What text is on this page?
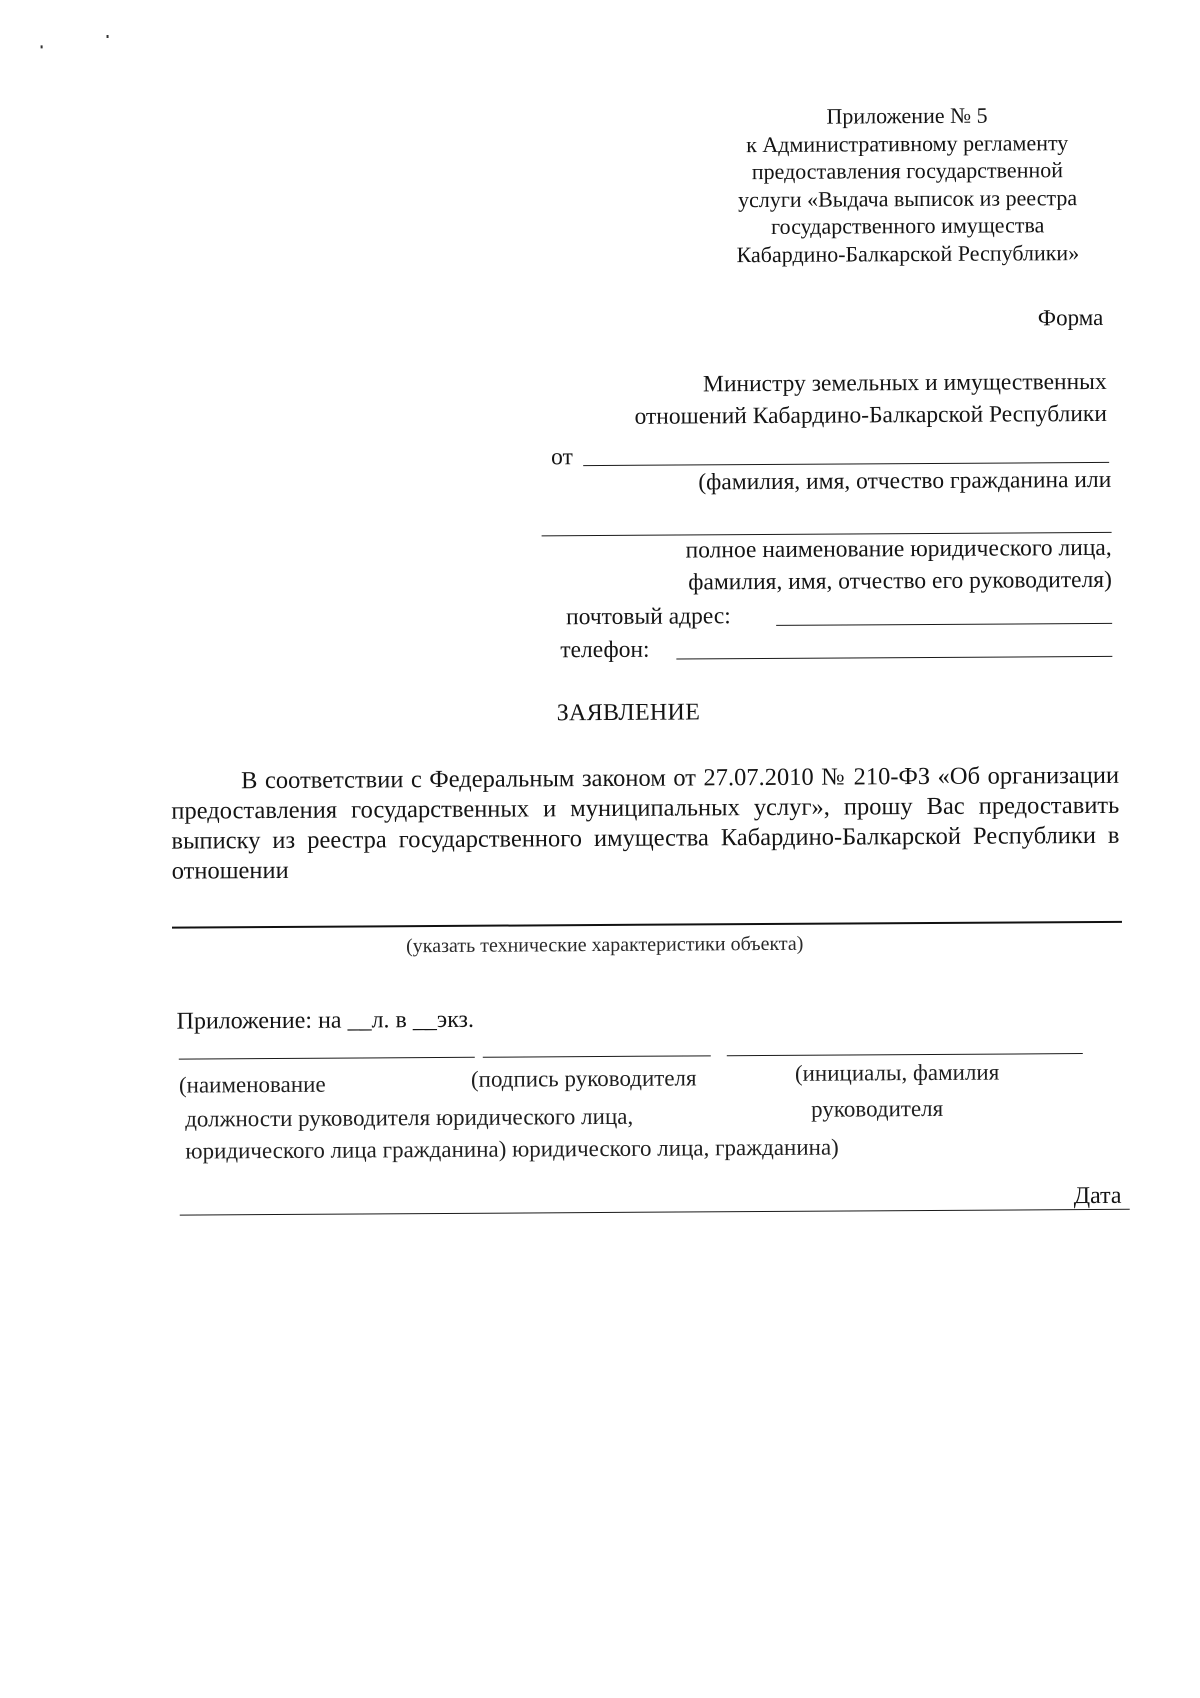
Приложение № 5
к Административному регламенту
предоставления государственной
услуги «Выдача выписок из реестра
государственного имущества
Кабардино-Балкарской Республики»
Форма
Министру земельных и имущественных
отношений Кабардино-Балкарской Республики
от
(фамилия, имя, отчество гражданина или
полное наименование юридического лица,
фамилия, имя, отчество его руководителя)
почтовый адрес:
телефон:
ЗАЯВЛЕНИЕ
В соответствии с Федеральным законом от 27.07.2010 № 210-ФЗ «Об организации предоставления государственных и муниципальных услуг», прошу Вас предоставить выписку из реестра государственного имущества Кабардино-Балкарской Республики в отношении
(указать технические характеристики объекта)
Приложение: на __л. в __экз.
(наименование	(подпись руководителя	(инициалы, фамилия
должности руководителя юридического лица,	руководителя
юридического лица гражданина) юридического лица, гражданина)
Дата
